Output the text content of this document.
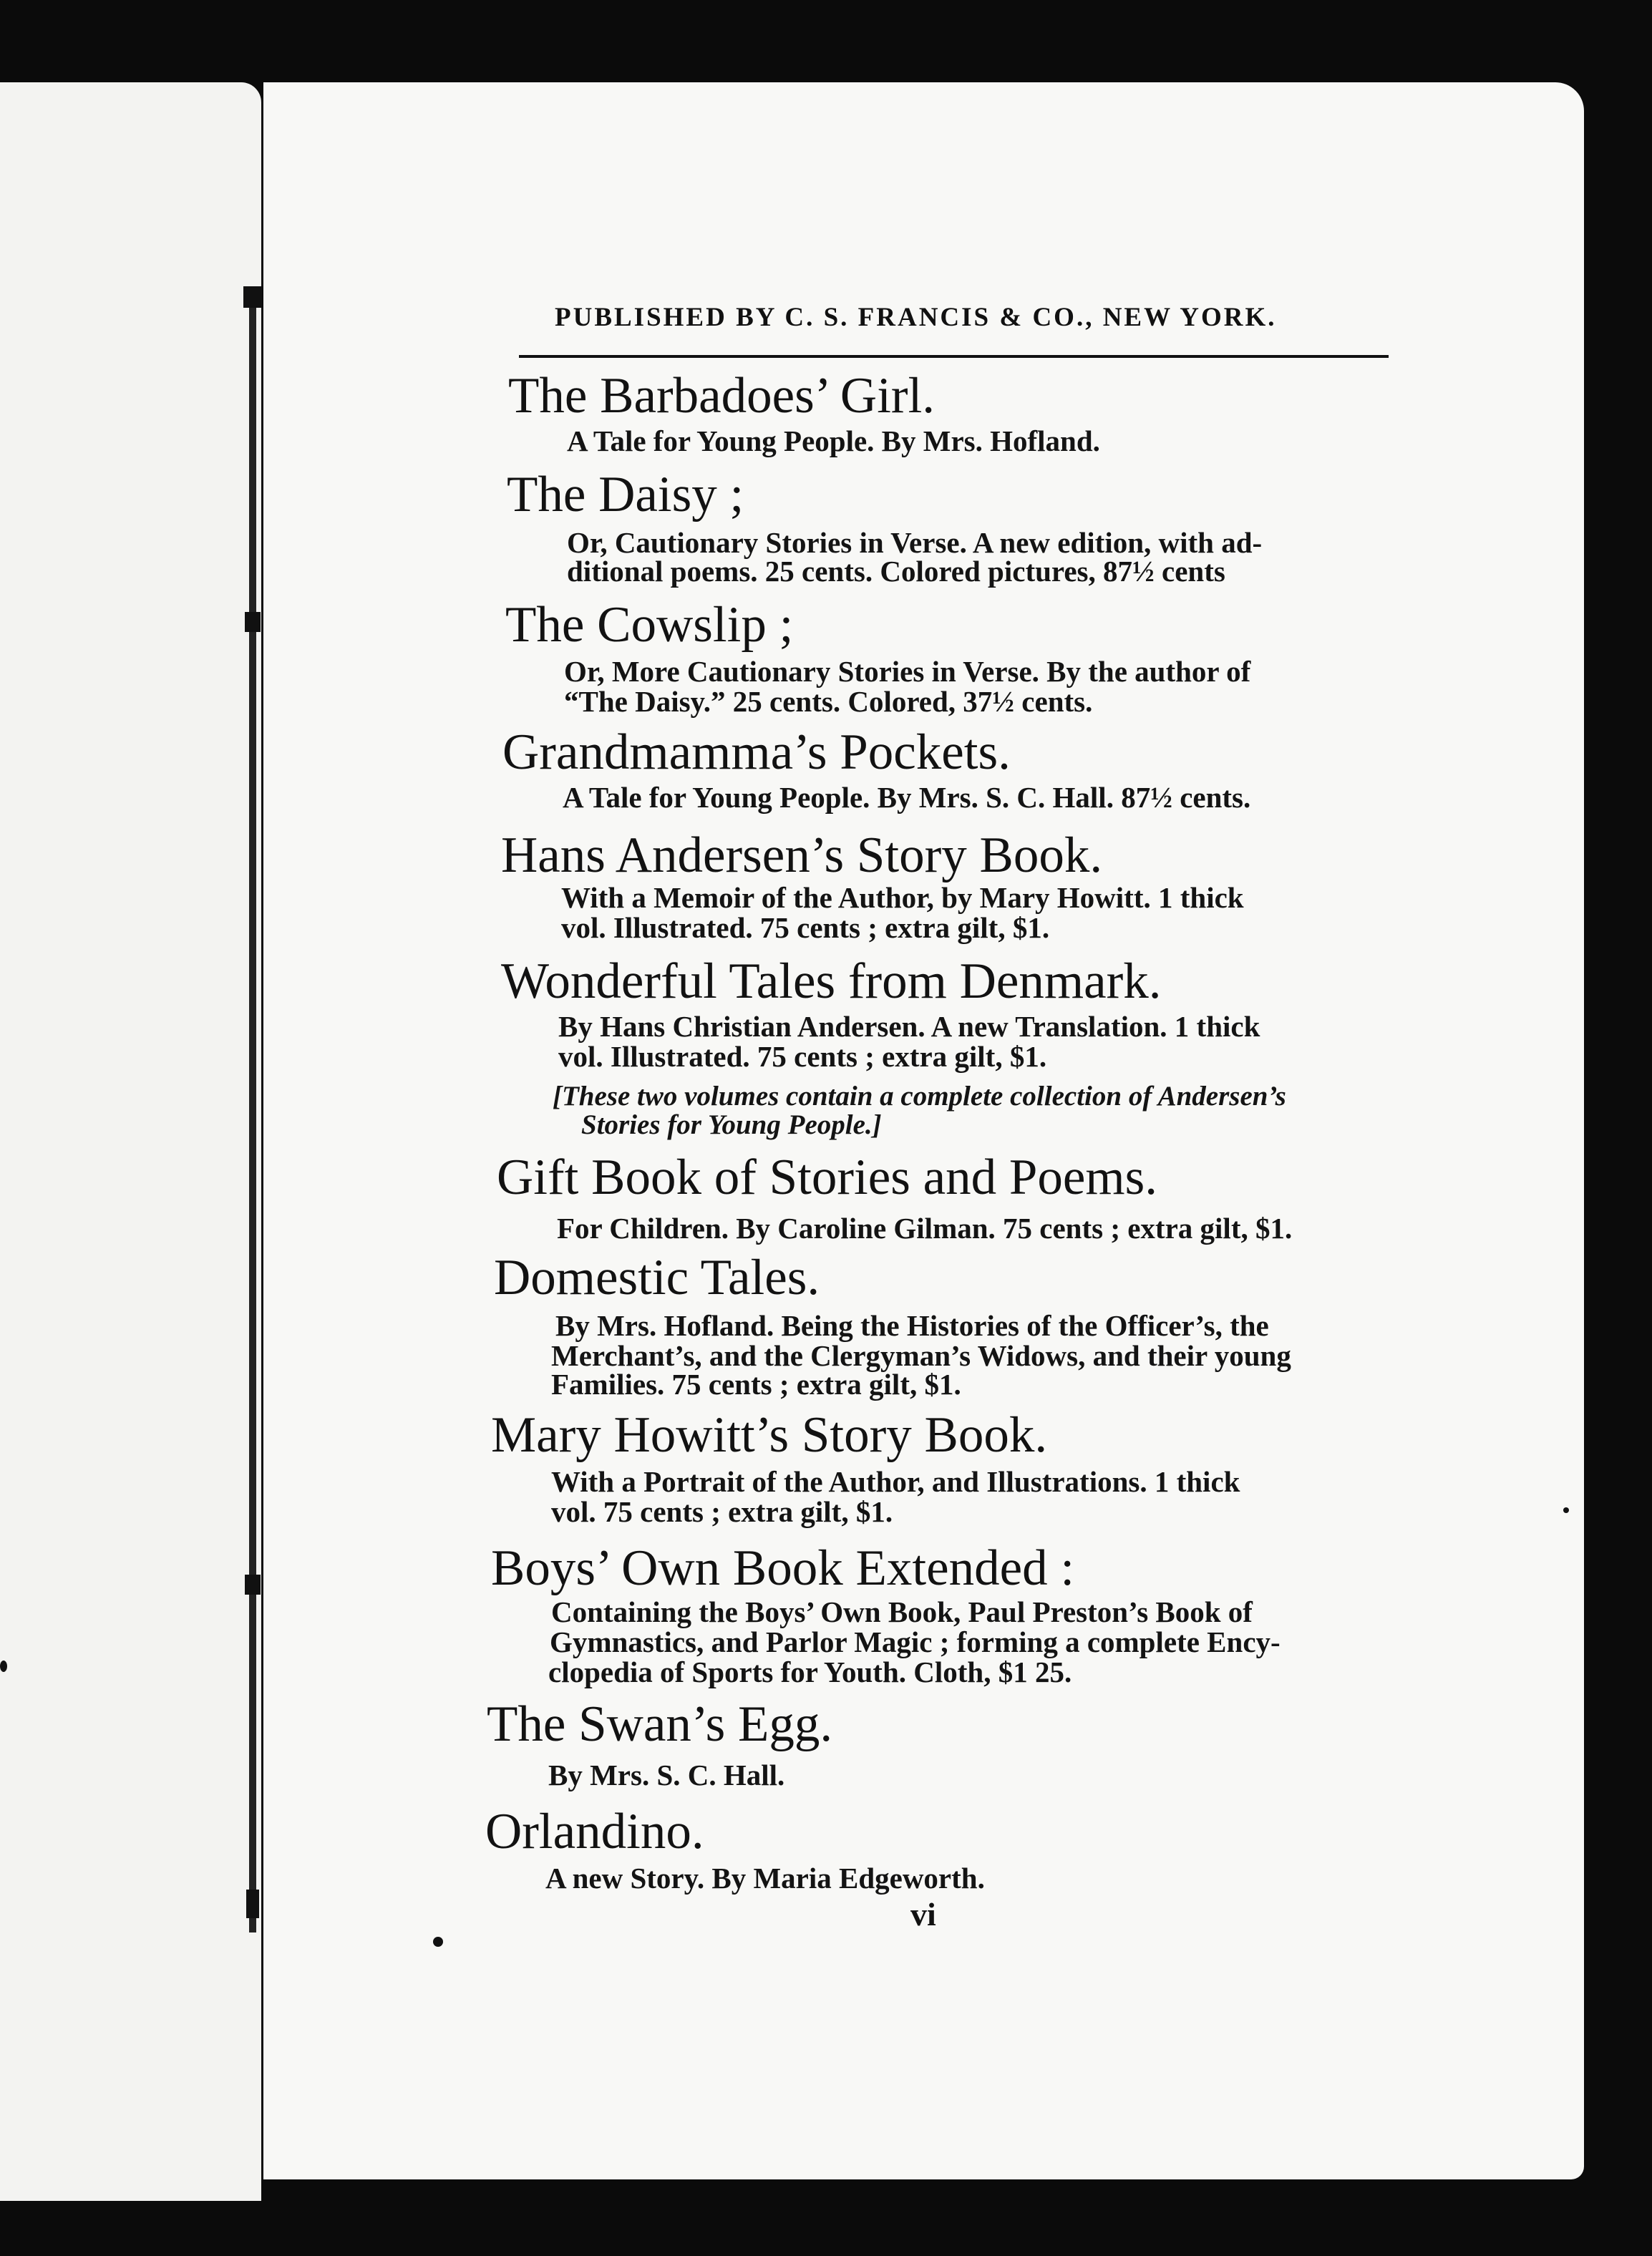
PUBLISHED BY C. S. FRANCIS & CO., NEW YORK.
The Barbadoes’ Girl.
A Tale for Young People. By Mrs. Hofland.
The Daisy ;
Or, Cautionary Stories in Verse. A new edition, with ad-
ditional poems. 25 cents. Colored pictures, 87½ cents
The Cowslip ;
Or, More Cautionary Stories in Verse. By the author of
“The Daisy.” 25 cents. Colored, 37½ cents.
Grandmamma’s Pockets.
A Tale for Young People. By Mrs. S. C. Hall. 87½ cents.
Hans Andersen’s Story Book.
With a Memoir of the Author, by Mary Howitt. 1 thick
vol. Illustrated. 75 cents ; extra gilt, $1.
Wonderful Tales from Denmark.
By Hans Christian Andersen. A new Translation. 1 thick
vol. Illustrated. 75 cents ; extra gilt, $1.
[These two volumes contain a complete collection of Andersen’s
Stories for Young People.]
Gift Book of Stories and Poems.
For Children. By Caroline Gilman. 75 cents ; extra gilt, $1.
Domestic Tales.
By Mrs. Hofland. Being the Histories of the Officer’s, the
Merchant’s, and the Clergyman’s Widows, and their young
Families. 75 cents ; extra gilt, $1.
Mary Howitt’s Story Book.
With a Portrait of the Author, and Illustrations. 1 thick
vol. 75 cents ; extra gilt, $1.
Boys’ Own Book Extended :
Containing the Boys’ Own Book, Paul Preston’s Book of
Gymnastics, and Parlor Magic ; forming a complete Ency-
clopedia of Sports for Youth. Cloth, $1 25.
The Swan’s Egg.
By Mrs. S. C. Hall.
Orlandino.
A new Story. By Maria Edgeworth.
vi
